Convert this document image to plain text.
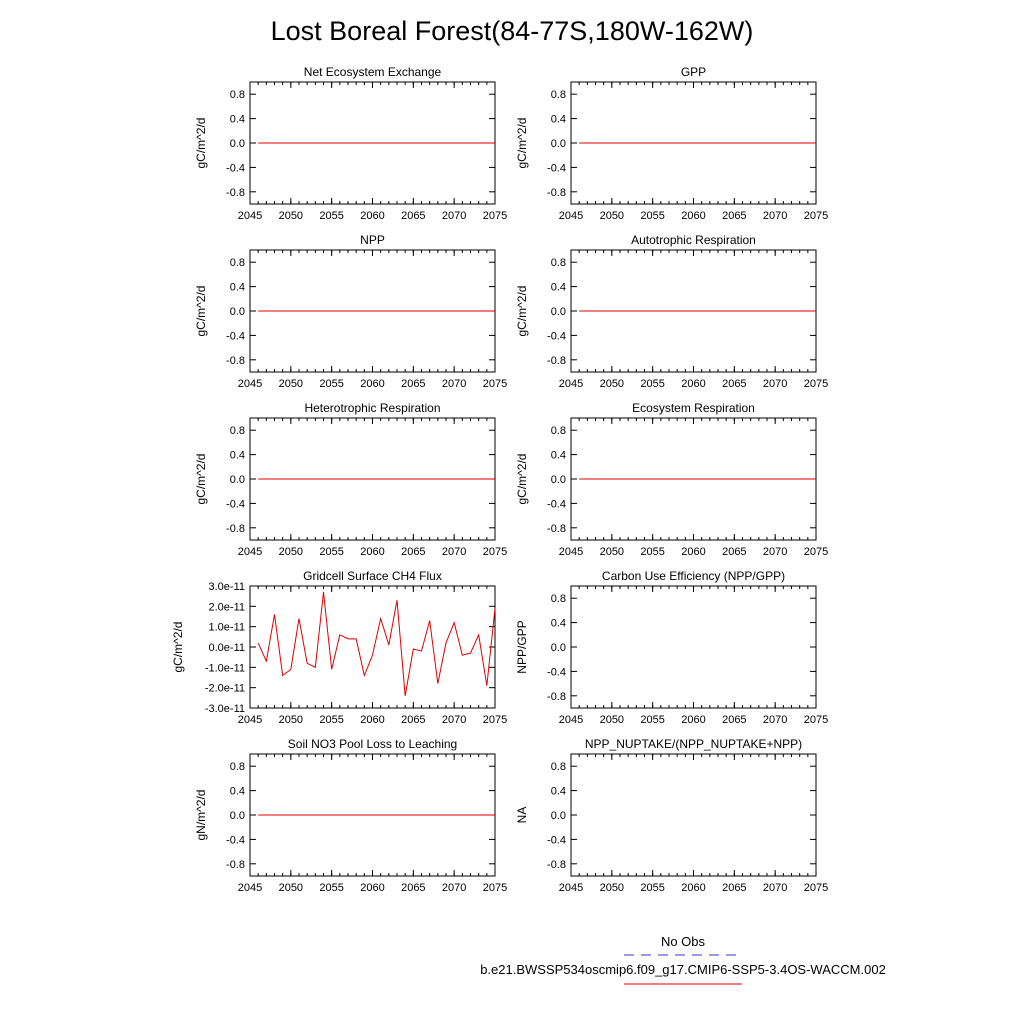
Lost Boreal Forest(84-77S,180W-162W)
Net Ecosystem Exchange
2045 2050 2055 2060 2065 2070 2075
-0.8
-0.4
0.0
0.4
0.8
gC/m^2/d
GPP
2045 2050 2055 2060 2065 2070 2075
-0.8
-0.4
0.0
0.4
0.8
gC/m^2/d
NPP
2045 2050 2055 2060 2065 2070 2075
-0.8
-0.4
0.0
0.4
0.8
gC/m^2/d
Autotrophic Respiration
2045 2050 2055 2060 2065 2070 2075
-0.8
-0.4
0.0
0.4
0.8
gC/m^2/d
Heterotrophic Respiration
2045 2050 2055 2060 2065 2070 2075
-0.8
-0.4
0.0
0.4
0.8
gC/m^2/d
Ecosystem Respiration
2045 2050 2055 2060 2065 2070 2075
-0.8
-0.4
0.0
0.4
0.8
gC/m^2/d
Gridcell Surface CH4 Flux
2045 2050 2055 2060 2065 2070 2075
-3.0e-11
-2.0e-11
-1.0e-11
0.0e-11
1.0e-11
2.0e-11
3.0e-11
gC/m^2/d
Carbon Use Efficiency (NPP/GPP)
2045 2050 2055 2060 2065 2070 2075
-0.8
-0.4
0.0
0.4
0.8
NPP/GPP
Soil NO3 Pool Loss to Leaching
2045 2050 2055 2060 2065 2070 2075
-0.8
-0.4
0.0
0.4
0.8
gN/m^2/d
NPP_NUPTAKE/(NPP_NUPTAKE+NPP)
2045 2050 2055 2060 2065 2070 2075
-0.8
-0.4
0.0
0.4
0.8
NA
No Obs
b.e21.BWSSP534oscmip6.f09_g17.CMIP6-SSP5-3.4OS-WACCM.002
